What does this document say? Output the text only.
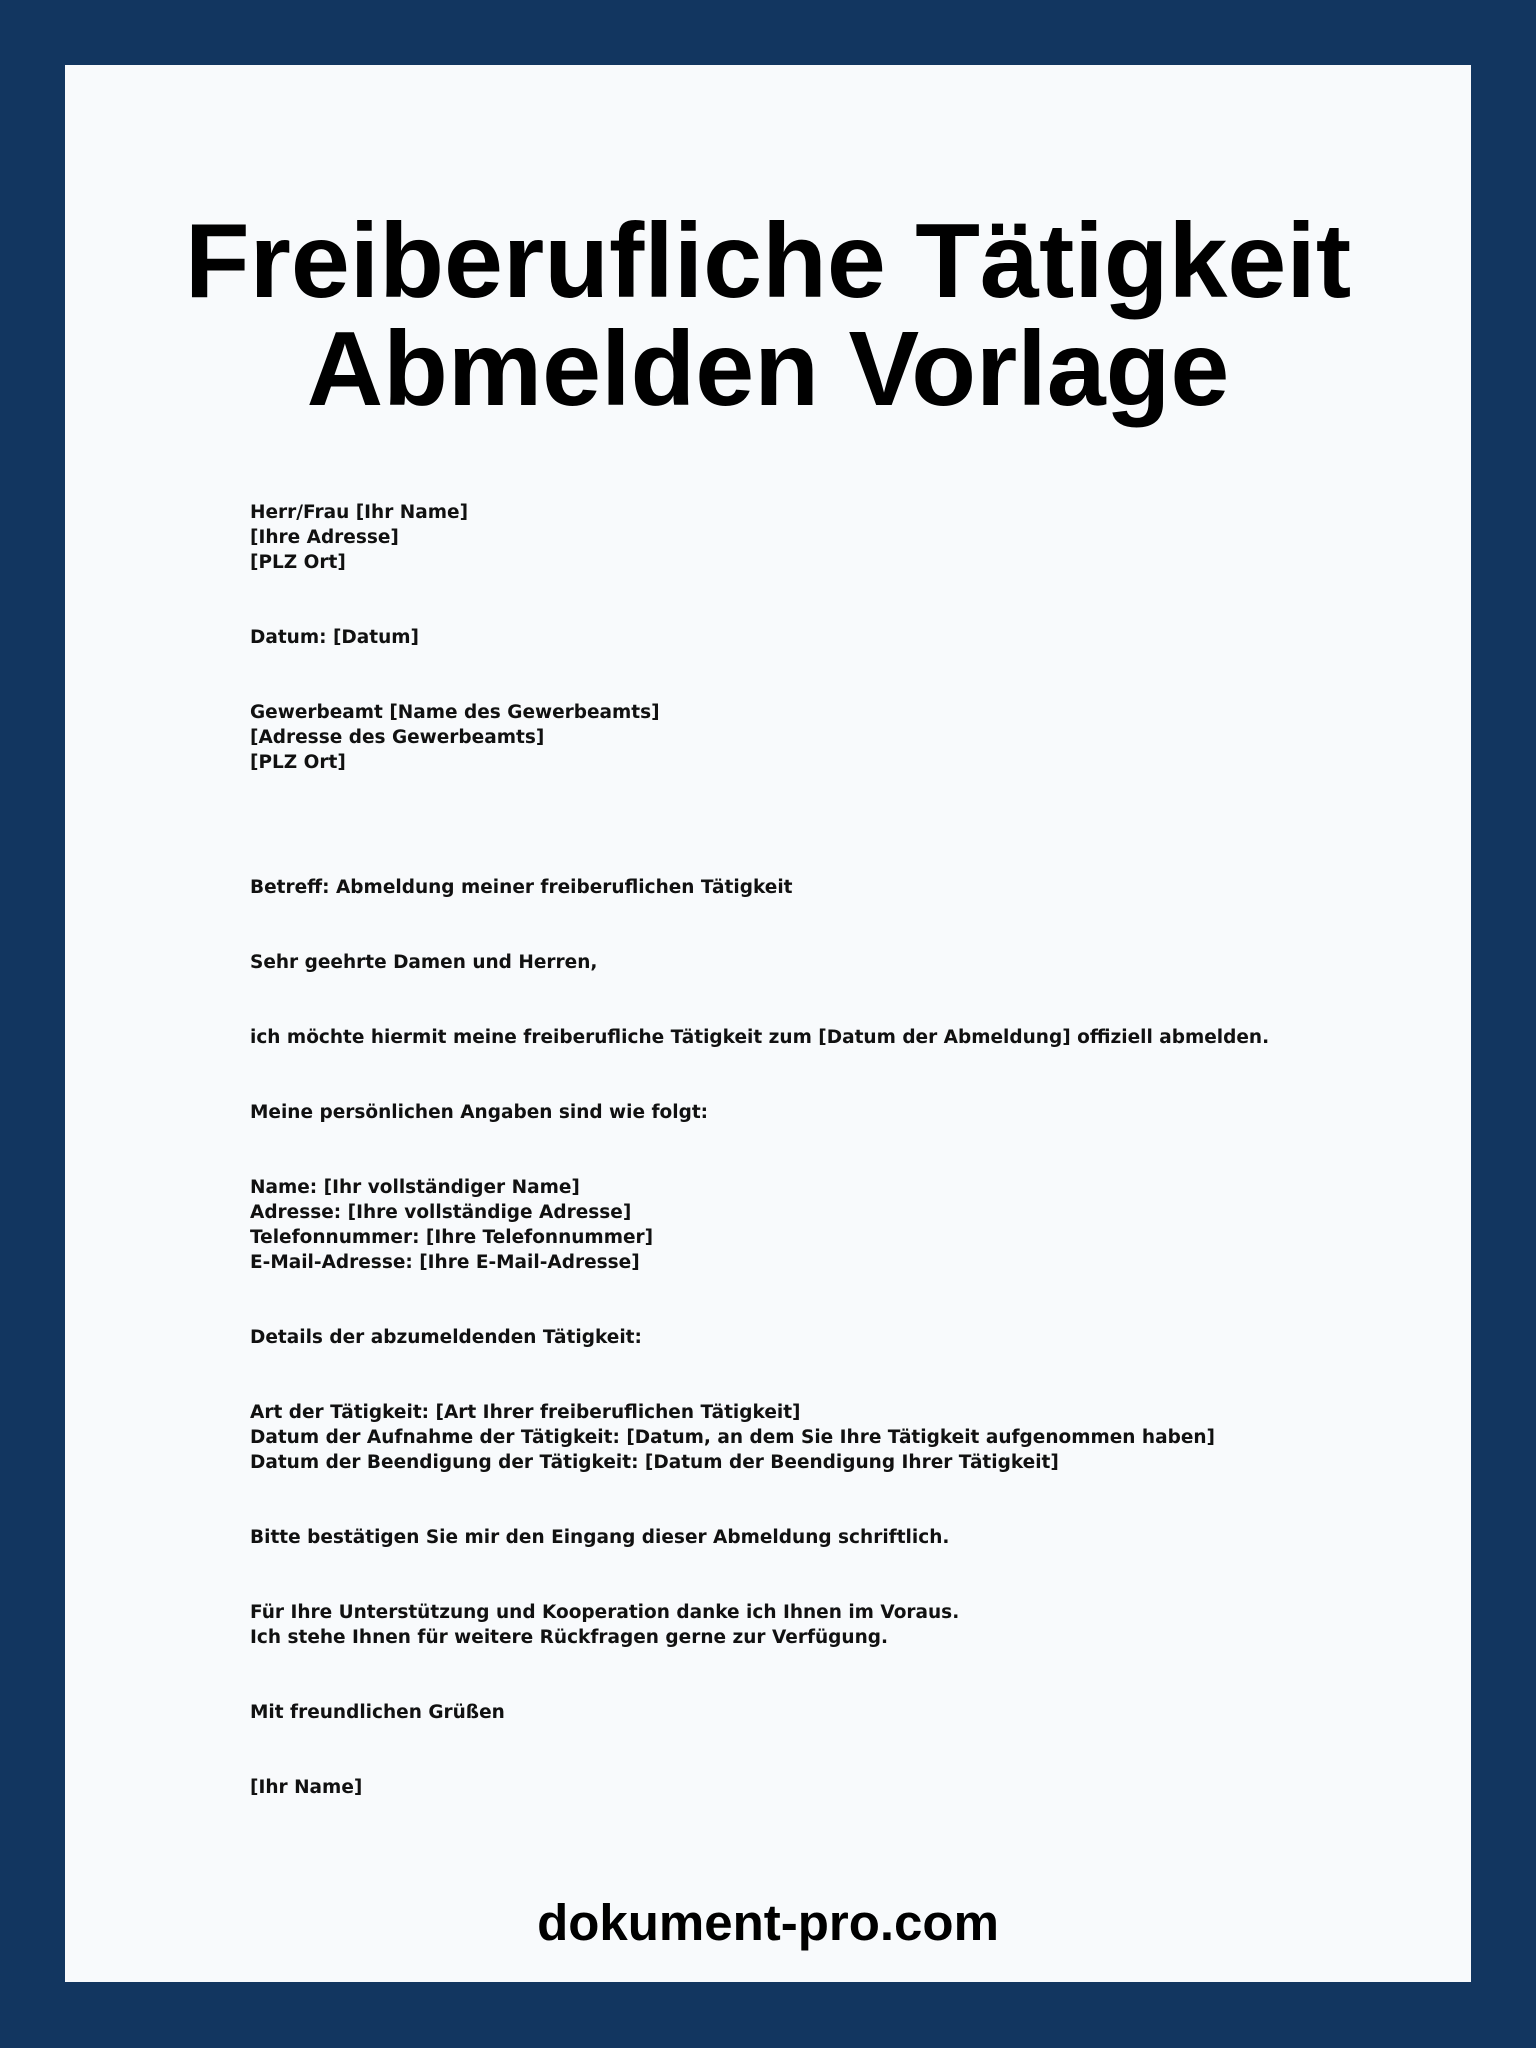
Freiberufliche Tätigkeit
Abmelden Vorlage
Herr/Frau [Ihr Name]
[Ihre Adresse]
[PLZ Ort]
Datum: [Datum]
Gewerbeamt [Name des Gewerbeamts]
[Adresse des Gewerbeamts]
[PLZ Ort]
Betreff: Abmeldung meiner freiberuflichen Tätigkeit
Sehr geehrte Damen und Herren,
ich möchte hiermit meine freiberufliche Tätigkeit zum [Datum der Abmeldung] offiziell abmelden.
Meine persönlichen Angaben sind wie folgt:
Name: [Ihr vollständiger Name]
Adresse: [Ihre vollständige Adresse]
Telefonnummer: [Ihre Telefonnummer]
E-Mail-Adresse: [Ihre E-Mail-Adresse]
Details der abzumeldenden Tätigkeit:
Art der Tätigkeit: [Art Ihrer freiberuflichen Tätigkeit]
Datum der Aufnahme der Tätigkeit: [Datum, an dem Sie Ihre Tätigkeit aufgenommen haben]
Datum der Beendigung der Tätigkeit: [Datum der Beendigung Ihrer Tätigkeit]
Bitte bestätigen Sie mir den Eingang dieser Abmeldung schriftlich.
Für Ihre Unterstützung und Kooperation danke ich Ihnen im Voraus.
Ich stehe Ihnen für weitere Rückfragen gerne zur Verfügung.
Mit freundlichen Grüßen
[Ihr Name]
dokument-pro.com
